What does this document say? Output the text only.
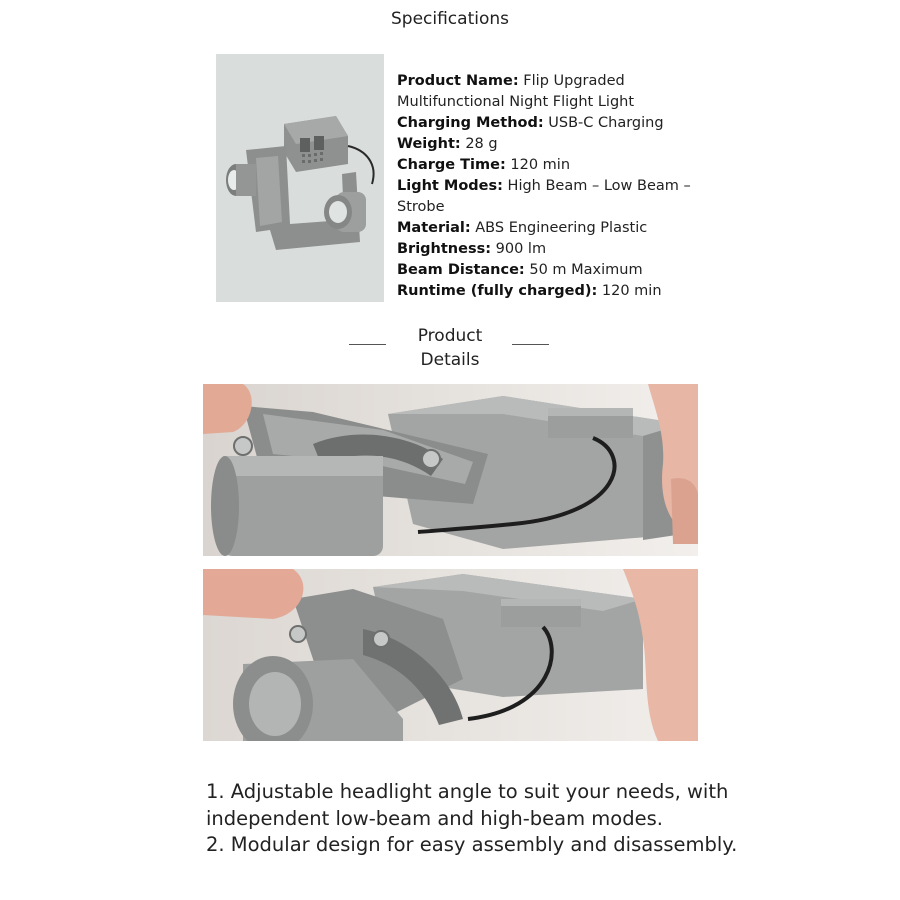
Specifications

Product Name: Flip Upgraded Multifunctional Night Flight Light

Charging Method: USB-C Charging

Weight: 28 g

Charge Time: 120 min

Light Modes: High Beam – Low Beam – Strobe

Material: ABS Engineering Plastic

Brightness: 900 lm

Beam Distance: 50 m Maximum

Runtime (fully charged): 120 min

Product
Details

1. Adjustable headlight angle to suit your needs, with independent low-beam and high-beam modes.

2. Modular design for easy assembly and disassembly.
